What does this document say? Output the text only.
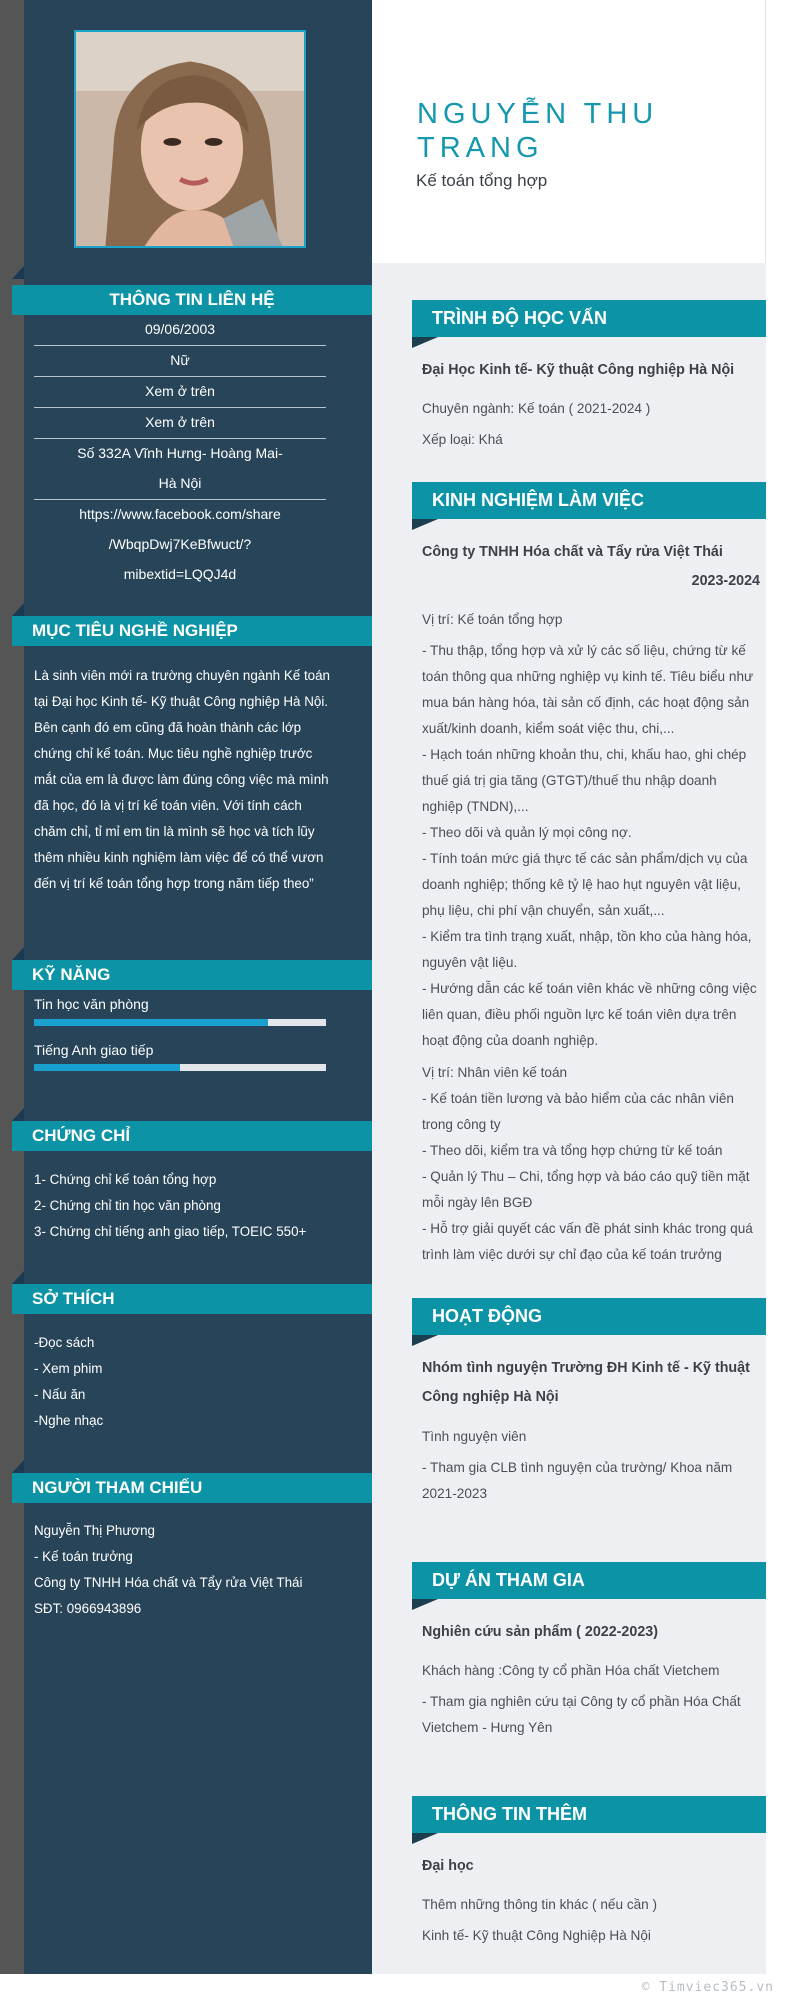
NGUYỄN THU TRANG
Kế toán tổng hợp
THÔNG TIN LIÊN HỆ
09/06/2003
Nữ
Xem ở trên
Xem ở trên
Số 332A Vĩnh Hưng- Hoàng Mai-
Hà Nội
https://www.facebook.com/share
/WbqpDwj7KeBfwuct/?
mibextid=LQQJ4d
MỤC TIÊU NGHỀ NGHIỆP
Là sinh viên mới ra trường chuyên ngành Kế toán tại Đại học Kinh tế- Kỹ thuật Công nghiệp Hà Nội. Bên cạnh đó em cũng đã hoàn thành các lớp chứng chỉ kế toán. Mục tiêu nghề nghiệp trước mắt của em là được làm đúng công việc mà mình đã học, đó là vị trí kế toán viên. Với tính cách chăm chỉ, tỉ mỉ em tin là mình sẽ học và tích lũy thêm nhiều kinh nghiệm làm việc để có thể vươn đến vị trí kế toán tổng hợp trong năm tiếp theo”
KỸ NĂNG
Tin học văn phòng
Tiếng Anh giao tiếp
CHỨNG CHỈ
1- Chứng chỉ kế toán tổng hợp
2- Chứng chỉ tin học văn phòng
3- Chứng chỉ tiếng anh giao tiếp, TOEIC 550+
SỞ THÍCH
-Đọc sách
- Xem phim
- Nấu ăn
-Nghe nhạc
NGƯỜI THAM CHIẾU
Nguyễn Thị Phương
- Kế toán trưởng
Công ty TNHH Hóa chất và Tẩy rửa Việt Thái
SĐT: 0966943896
TRÌNH ĐỘ HỌC VẤN
Đại Học Kinh tế- Kỹ thuật Công nghiệp Hà Nội
Chuyên ngành: Kế toán ( 2021-2024 )
Xếp loại: Khá
KINH NGHIỆM LÀM VIỆC
Công ty TNHH Hóa chất và Tẩy rửa Việt Thái
2023-2024
Vị trí: Kế toán tổng hợp
- Thu thập, tổng hợp và xử lý các số liệu, chứng từ kế toán thông qua những nghiệp vụ kinh tế. Tiêu biểu như mua bán hàng hóa, tài sản cố định, các hoạt động sản xuất/kinh doanh, kiểm soát việc thu, chi,...
- Hạch toán những khoản thu, chi, khấu hao, ghi chép thuế giá trị gia tăng (GTGT)/thuế thu nhập doanh nghiệp (TNDN),...
- Theo dõi và quản lý mọi công nợ.
- Tính toán mức giá thực tế các sản phẩm/dịch vụ của doanh nghiệp; thống kê tỷ lệ hao hụt nguyên vật liệu, phụ liệu, chi phí vận chuyển, sản xuất,...
- Kiểm tra tình trạng xuất, nhập, tồn kho của hàng hóa, nguyên vật liệu.
- Hướng dẫn các kế toán viên khác về những công việc liên quan, điều phối nguồn lực kế toán viên dựa trên hoạt động của doanh nghiệp.
Vị trí: Nhân viên kế toán
- Kế toán tiền lương và bảo hiểm của các nhân viên trong công ty
- Theo dõi, kiểm tra và tổng hợp chứng từ kế toán
- Quản lý Thu – Chi, tổng hợp và báo cáo quỹ tiền mặt mỗi ngày lên BGĐ
- Hỗ trợ giải quyết các vấn đề phát sinh khác trong quá trình làm việc dưới sự chỉ đạo của kế toán trưởng
HOẠT ĐỘNG
Nhóm tình nguyện Trường ĐH Kinh tế - Kỹ thuật Công nghiệp Hà Nội
Tình nguyện viên
- Tham gia CLB tình nguyện của trường/ Khoa năm 2021-2023
DỰ ÁN THAM GIA
Nghiên cứu sản phẩm ( 2022-2023)
Khách hàng :Công ty cổ phần Hóa chất Vietchem
- Tham gia nghiên cứu tại Công ty cổ phần Hóa Chất Vietchem - Hưng Yên
THÔNG TIN THÊM
Đại học
Thêm những thông tin khác ( nếu cần )
Kinh tế- Kỹ thuật Công Nghiệp Hà Nội
© Timviec365.vn
